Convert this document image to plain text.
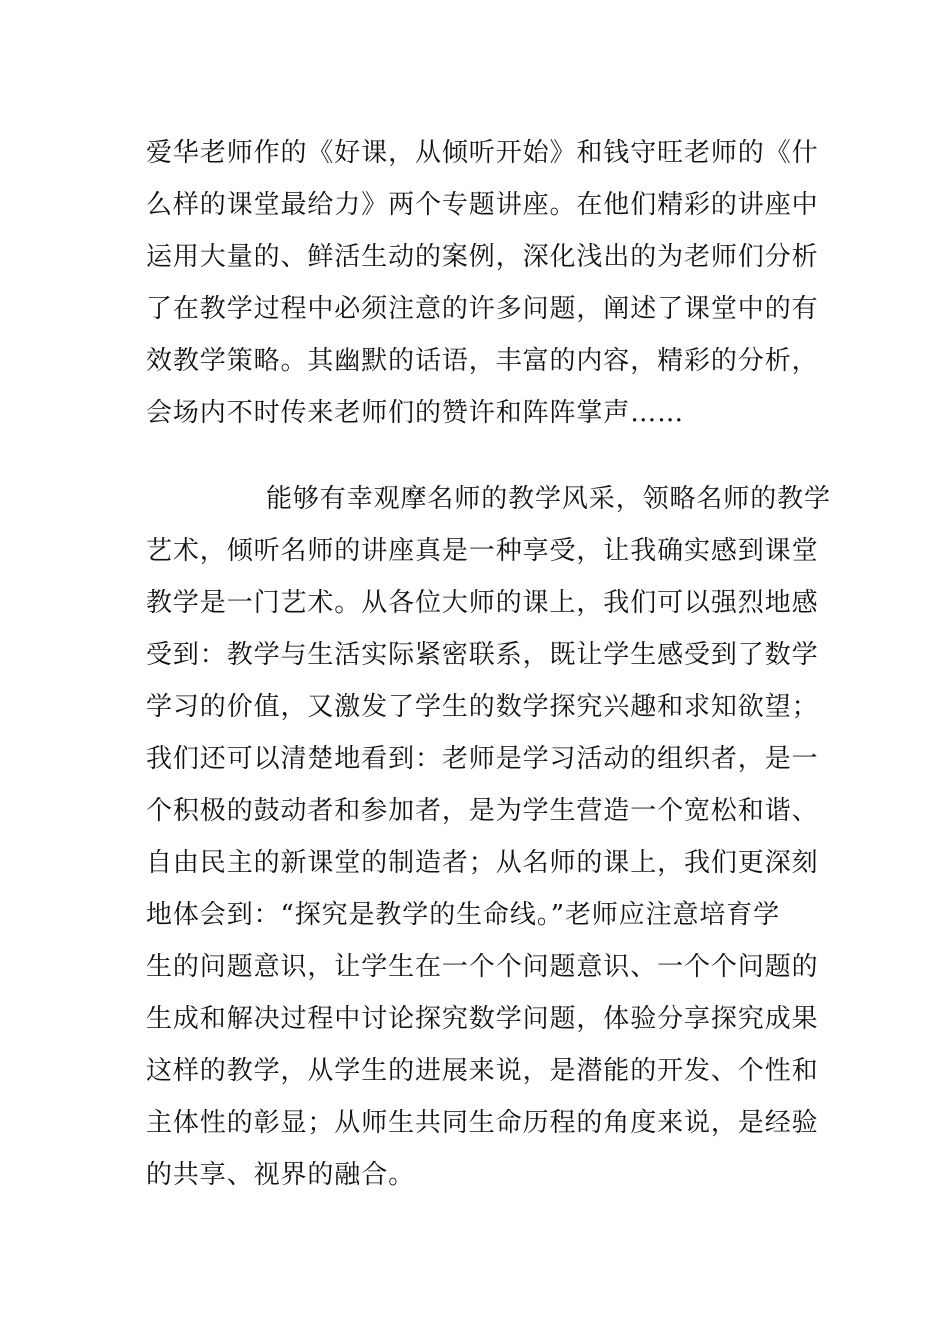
爱华老师作的《好课，从倾听开始》和钱守旺老师的《什
么样的课堂最给力》两个专题讲座。在他们精彩的讲座中
运用大量的、鲜活生动的案例，深化浅出的为老师们分析
了在教学过程中必须注意的许多问题，阐述了课堂中的有
效教学策略。其幽默的话语，丰富的内容，精彩的分析，
会场内不时传来老师们的赞许和阵阵掌声……
能够有幸观摩名师的教学风采，领略名师的教学
艺术，倾听名师的讲座真是一种享受，让我确实感到课堂
教学是一门艺术。从各位大师的课上，我们可以强烈地感
受到：教学与生活实际紧密联系，既让学生感受到了数学
学习的价值，又激发了学生的数学探究兴趣和求知欲望；
我们还可以清楚地看到：老师是学习活动的组织者，是一
个积极的鼓动者和参加者，是为学生营造一个宽松和谐、
自由民主的新课堂的制造者；从名师的课上，我们更深刻
地体会到：“探究是教学的生命线。”老师应注意培育学
生的问题意识，让学生在一个个问题意识、一个个问题的
生成和解决过程中讨论探究数学问题，体验分享探究成果
这样的教学，从学生的进展来说，是潜能的开发、个性和
主体性的彰显；从师生共同生命历程的角度来说，是经验
的共享、视界的融合。
